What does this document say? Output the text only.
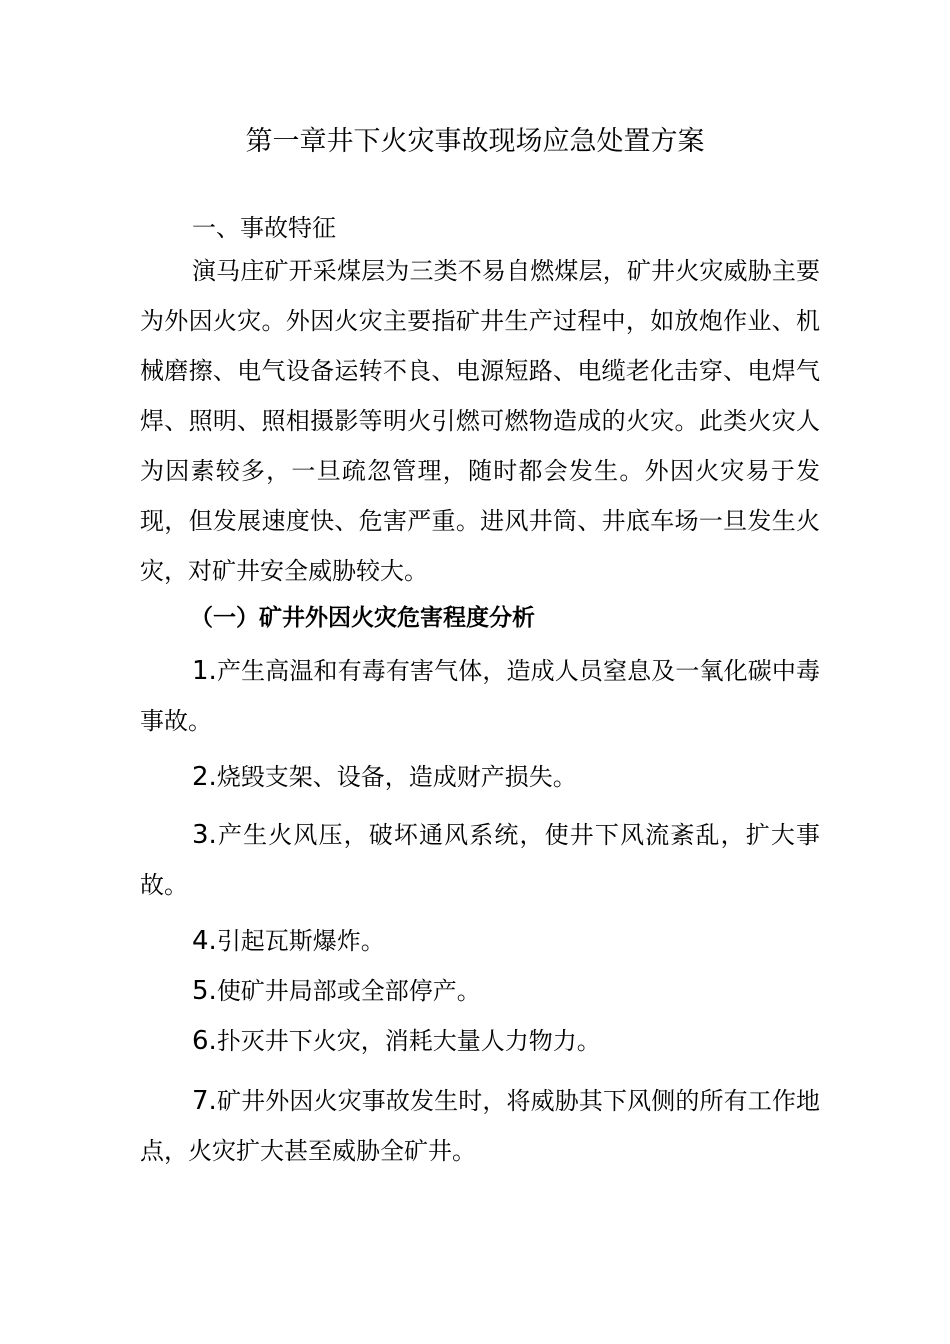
第一章井下火灾事故现场应急处置方案
一、事故特征

演马庄矿开采煤层为三类不易自燃煤层，矿井火灾威胁主要为外因火灾。外因火灾主要指矿井生产过程中，如放炮作业、机械磨擦、电气设备运转不良、电源短路、电缆老化击穿、电焊气焊、照明、照相摄影等明火引燃可燃物造成的火灾。此类火灾人为因素较多，一旦疏忽管理，随时都会发生。外因火灾易于发现，但发展速度快、危害严重。进风井筒、井底车场一旦发生火灾，对矿井安全威胁较大。

（一）矿井外因火灾危害程度分析

1.产生高温和有毒有害气体，造成人员窒息及一氧化碳中毒事故。

2.烧毁支架、设备，造成财产损失。

3.产生火风压，破坏通风系统，使井下风流紊乱，扩大事故。

4.引起瓦斯爆炸。

5.使矿井局部或全部停产。

6.扑灭井下火灾，消耗大量人力物力。

7.矿井外因火灾事故发生时，将威胁其下风侧的所有工作地点，火灾扩大甚至威胁全矿井。
